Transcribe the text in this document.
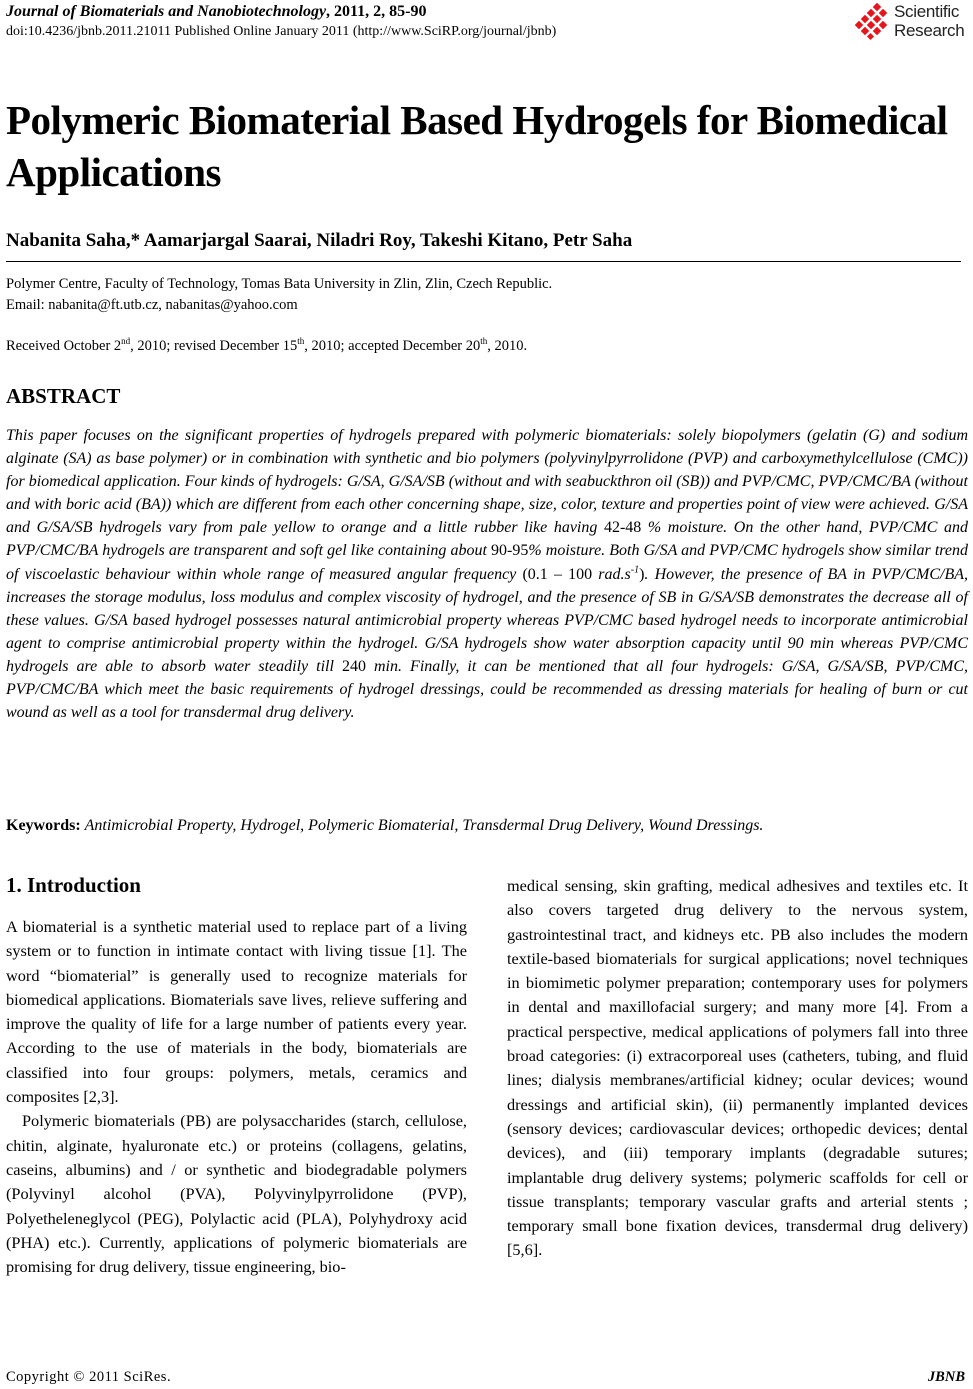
Journal of Biomaterials and Nanobiotechnology, 2011, 2, 85-90
doi:10.4236/jbnb.2011.21011 Published Online January 2011 (http://www.SciRP.org/journal/jbnb)
Scientific
Research
Polymeric Biomaterial Based Hydrogels for Biomedical Applications
Nabanita Saha,* Aamarjargal Saarai, Niladri Roy, Takeshi Kitano, Petr Saha
Polymer Centre, Faculty of Technology, Tomas Bata University in Zlin, Zlin, Czech Republic.
Email: nabanita@ft.utb.cz, nabanitas@yahoo.com
Received October 2nd, 2010; revised December 15th, 2010; accepted December 20th, 2010.
ABSTRACT
This paper focuses on the significant properties of hydrogels prepared with polymeric biomaterials: solely biopolymers (gelatin (G) and sodium alginate (SA) as base polymer) or in combination with synthetic and bio polymers (polyvinylpyrrolidone (PVP) and carboxymethylcellulose (CMC)) for biomedical application. Four kinds of hydrogels: G/SA, G/SA/SB (without and with seabuckthron oil (SB)) and PVP/CMC, PVP/CMC/BA (without and with boric acid (BA)) which are different from each other concerning shape, size, color, texture and properties point of view were achieved. G/SA and G/SA/SB hydrogels vary from pale yellow to orange and a little rubber like having 42-48 % moisture. On the other hand, PVP/CMC and PVP/CMC/BA hydrogels are transparent and soft gel like containing about 90-95% moisture. Both G/SA and PVP/CMC hydrogels show similar trend of viscoelastic behaviour within whole range of measured angular frequency (0.1 – 100 $rad.s^{-1}$). However, the presence of BA in PVP/CMC/BA, increases the storage modulus, loss modulus and complex viscosity of hydrogel, and the presence of SB in G/SA/SB demonstrates the decrease all of these values. G/SA based hydrogel possesses natural antimicrobial property whereas PVP/CMC based hydrogel needs to incorporate antimicrobial agent to comprise antimicrobial property within the hydrogel. G/SA hydrogels show water absorption capacity until 90 min whereas PVP/CMC hydrogels are able to absorb water steadily till 240 min. Finally, it can be mentioned that all four hydrogels: G/SA, G/SA/SB, PVP/CMC, PVP/CMC/BA which meet the basic requirements of hydrogel dressings, could be recommended as dressing materials for healing of burn or cut wound as well as a tool for transdermal drug delivery.
Keywords: Antimicrobial Property, Hydrogel, Polymeric Biomaterial, Transdermal Drug Delivery, Wound Dressings.
1. Introduction

A biomaterial is a synthetic material used to replace part of a living system or to function in intimate contact with living tissue [1]. The word “biomaterial” is generally used to recognize materials for biomedical applications. Biomaterials save lives, relieve suffering and improve the quality of life for a large number of patients every year. According to the use of materials in the body, biomaterials are classified into four groups: polymers, metals, ceramics and composites [2,3].

Polymeric biomaterials (PB) are polysaccharides (starch, cellulose, chitin, alginate, hyaluronate etc.) or proteins (collagens, gelatins, caseins, albumins) and / or synthetic and biodegradable polymers (Polyvinyl alcohol (PVA), Polyvinylpyrrolidone (PVP), Polyetheleneglycol (PEG), Polylactic acid (PLA), Polyhydroxy acid (PHA) etc.). Currently, applications of polymeric biomaterials are promising for drug delivery, tissue engineering, bio-

medical sensing, skin grafting, medical adhesives and textiles etc. It also covers targeted drug delivery to the nervous system, gastrointestinal tract, and kidneys etc. PB also includes the modern textile-based biomaterials for surgical applications; novel techniques in biomimetic polymer preparation; contemporary uses for polymers in dental and maxillofacial surgery; and many more [4]. From a practical perspective, medical applications of polymers fall into three broad categories: (i) extracorporeal uses (catheters, tubing, and fluid lines; dialysis membranes/artificial kidney; ocular devices; wound dressings and artificial skin), (ii) permanently implanted devices (sensory devices; cardiovascular devices; orthopedic devices; dental devices), and (iii) temporary implants (degradable sutures; implantable drug delivery systems; polymeric scaffolds for cell or tissue transplants; temporary vascular grafts and arterial stents ; temporary small bone fixation devices, transdermal drug delivery) [5,6].

Copyright © 2011 SciRes.	JBNB
